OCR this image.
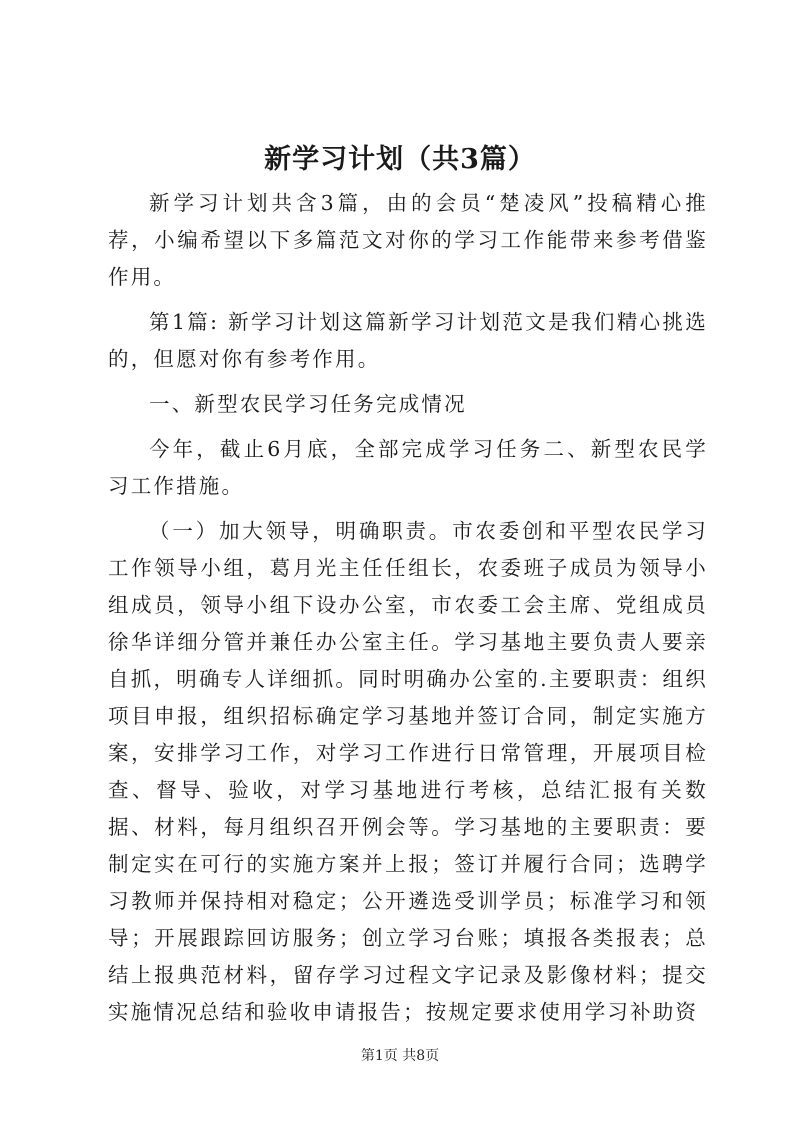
新学习计划（共3篇）

新学习计划共含3篇，由的会员“楚凌风”投稿精心推荐，小编希望以下多篇范文对你的学习工作能带来参考借鉴作用。

第1篇: 新学习计划这篇新学习计划范文是我们精心挑选的，但愿对你有参考作用。

一、新型农民学习任务完成情况

今年，截止6月底，全部完成学习任务二、新型农民学习工作措施。

（一）加大领导，明确职责。市农委创和平型农民学习工作领导小组，葛月光主任任组长，农委班子成员为领导小组成员，领导小组下设办公室，市农委工会主席、党组成员徐华详细分管并兼任办公室主任。学习基地主要负责人要亲自抓，明确专人详细抓。同时明确办公室的.主要职责：组织项目申报，组织招标确定学习基地并签订合同，制定实施方案，安排学习工作，对学习工作进行日常管理，开展项目检查、督导、验收，对学习基地进行考核，总结汇报有关数据、材料，每月组织召开例会等。学习基地的主要职责：要制定实在可行的实施方案并上报；签订并履行合同；选聘学习教师并保持相对稳定；公开遴选受训学员；标准学习和领导；开展跟踪回访服务；创立学习台账；填报各类报表；总结上报典范材料，留存学习过程文字记录及影像材料；提交实施情况总结和验收申请报告；按规定要求使用学习补助资

第1页 共8页
